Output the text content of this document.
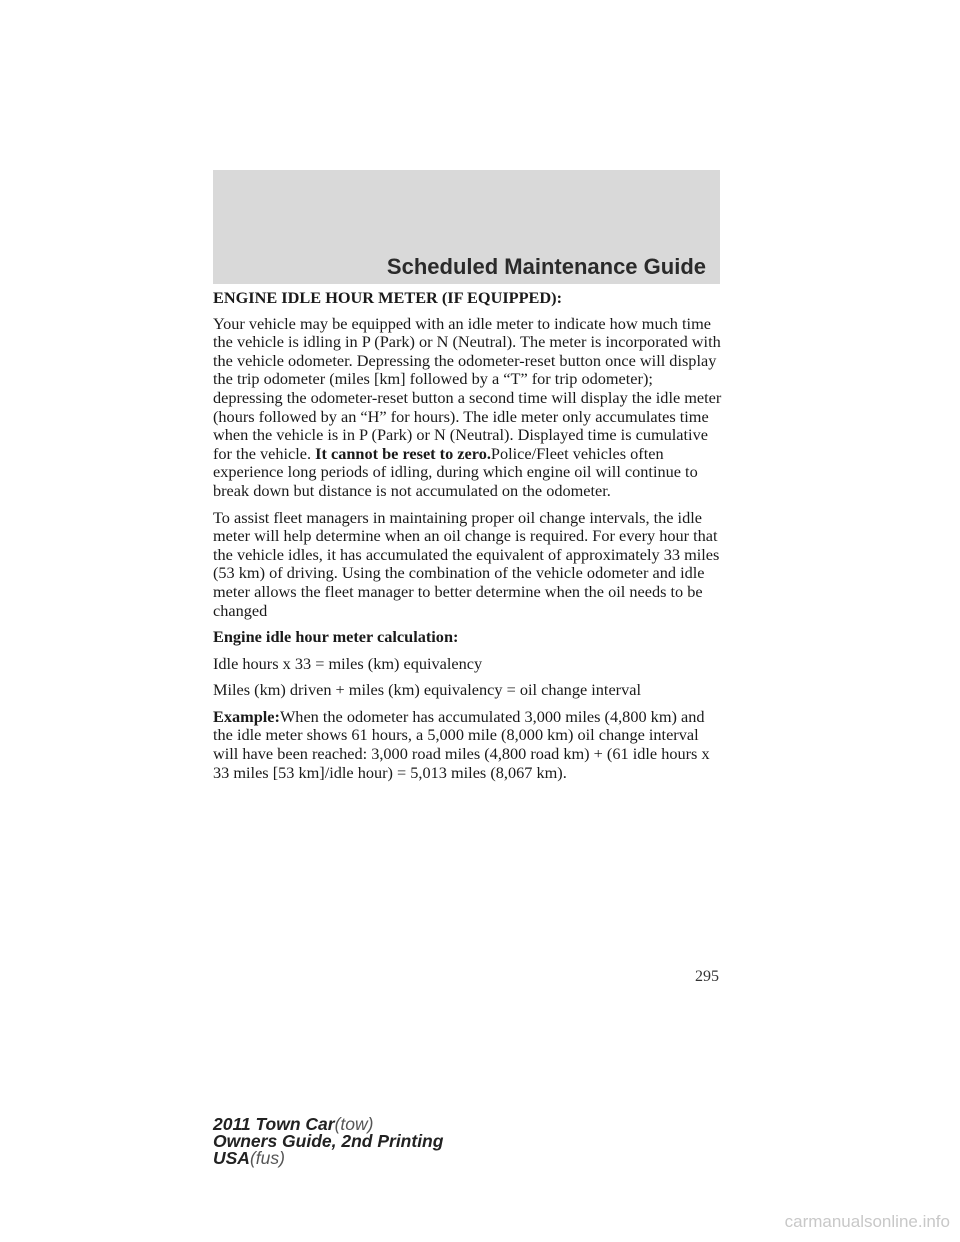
Scheduled Maintenance Guide

ENGINE IDLE HOUR METER (IF EQUIPPED):

Your vehicle may be equipped with an idle meter to indicate how much time the vehicle is idling in P (Park) or N (Neutral). The meter is incorporated with the vehicle odometer. Depressing the odometer-reset button once will display the trip odometer (miles [km] followed by a “T” for trip odometer); depressing the odometer-reset button a second time will display the idle meter (hours followed by an “H” for hours). The idle meter only accumulates time when the vehicle is in P (Park) or N (Neutral). Displayed time is cumulative for the vehicle. It cannot be reset to zero.Police/Fleet vehicles often experience long periods of idling, during which engine oil will continue to break down but distance is not accumulated on the odometer.

To assist fleet managers in maintaining proper oil change intervals, the idle meter will help determine when an oil change is required. For every hour that the vehicle idles, it has accumulated the equivalent of approximately 33 miles (53 km) of driving. Using the combination of the vehicle odometer and idle meter allows the fleet manager to better determine when the oil needs to be changed

Engine idle hour meter calculation:

Idle hours x 33 = miles (km) equivalency

Miles (km) driven + miles (km) equivalency = oil change interval

Example:When the odometer has accumulated 3,000 miles (4,800 km) and the idle meter shows 61 hours, a 5,000 mile (8,000 km) oil change interval will have been reached: 3,000 road miles (4,800 road km) + (61 idle hours x 33 miles [53 km]/idle hour) = 5,013 miles (8,067 km).

295
2011 Town Car(tow)
Owners Guide, 2nd Printing
USA(fus)
carmanualsonline.info
